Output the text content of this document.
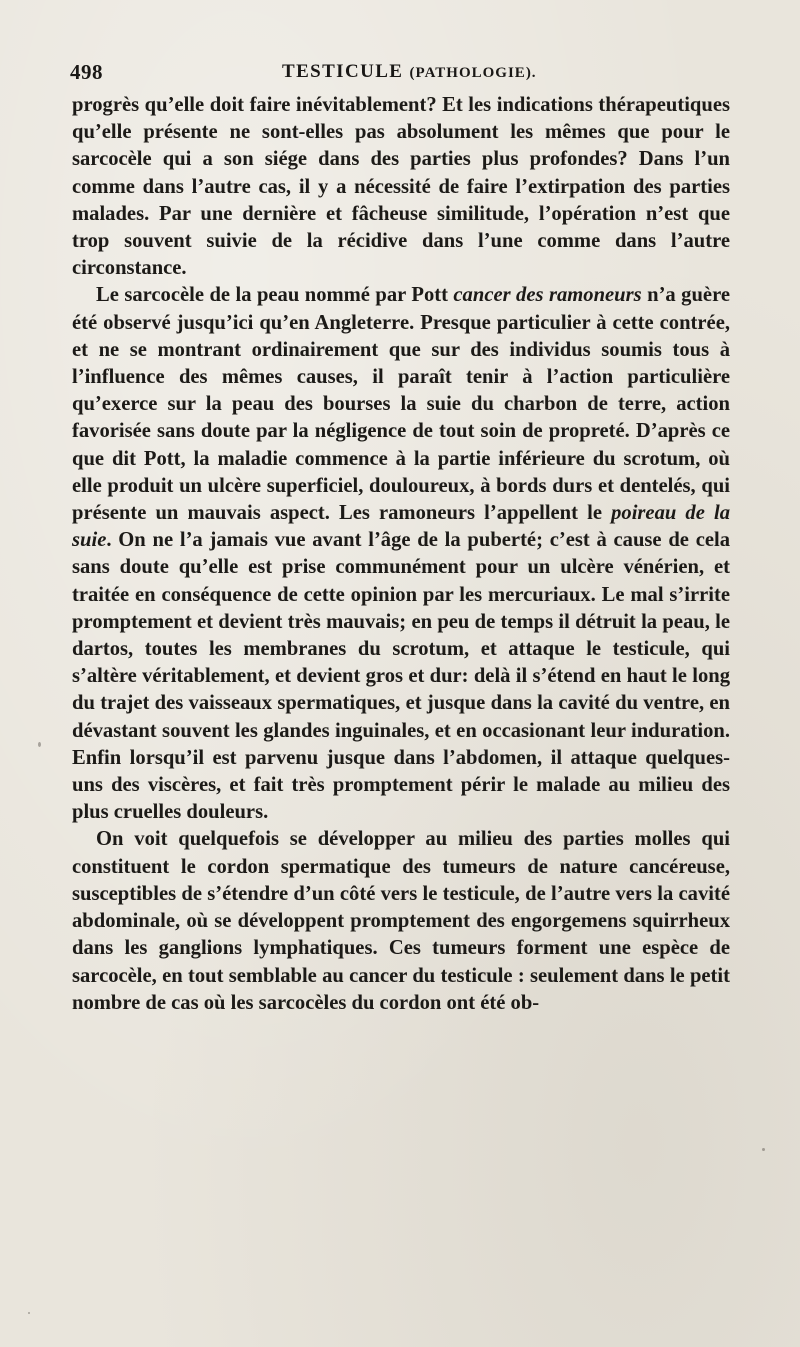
498	TESTICULE (PATHOLOGIE).

progrès qu’elle doit faire inévitablement? Et les indications thérapeutiques qu’elle présente ne sont-elles pas absolument les mêmes que pour le sarcocèle qui a son siége dans des parties plus profondes? Dans l’un comme dans l’autre cas, il y a nécessité de faire l’extirpation des parties malades. Par une dernière et fâcheuse similitude, l’opération n’est que trop souvent suivie de la récidive dans l’une comme dans l’autre circonstance.

Le sarcocèle de la peau nommé par Pott cancer des ramoneurs n’a guère été observé jusqu’ici qu’en Angleterre. Presque particulier à cette contrée, et ne se montrant ordinairement que sur des individus soumis tous à l’influence des mêmes causes, il paraît tenir à l’action particulière qu’exerce sur la peau des bourses la suie du charbon de terre, action favorisée sans doute par la négligence de tout soin de propreté. D’après ce que dit Pott, la maladie commence à la partie inférieure du scrotum, où elle produit un ulcère superficiel, douloureux, à bords durs et dentelés, qui présente un mauvais aspect. Les ramoneurs l’appellent le poireau de la suie. On ne l’a jamais vue avant l’âge de la puberté; c’est à cause de cela sans doute qu’elle est prise communément pour un ulcère vénérien, et traitée en conséquence de cette opinion par les mercuriaux. Le mal s’irrite promptement et devient très mauvais; en peu de temps il détruit la peau, le dartos, toutes les membranes du scrotum, et attaque le testicule, qui s’altère véritablement, et devient gros et dur: delà il s’étend en haut le long du trajet des vaisseaux spermatiques, et jusque dans la cavité du ventre, en dévastant souvent les glandes inguinales, et en occasionant leur induration. Enfin lorsqu’il est parvenu jusque dans l’abdomen, il attaque quelques-uns des viscères, et fait très promptement périr le malade au milieu des plus cruelles douleurs.

On voit quelquefois se développer au milieu des parties molles qui constituent le cordon spermatique des tumeurs de nature cancéreuse, susceptibles de s’étendre d’un côté vers le testicule, de l’autre vers la cavité abdominale, où se développent promptement des engorgemens squirrheux dans les ganglions lymphatiques. Ces tumeurs forment une espèce de sarcocèle, en tout semblable au cancer du testicule : seulement dans le petit nombre de cas où les sarcocèles du cordon ont été ob-
